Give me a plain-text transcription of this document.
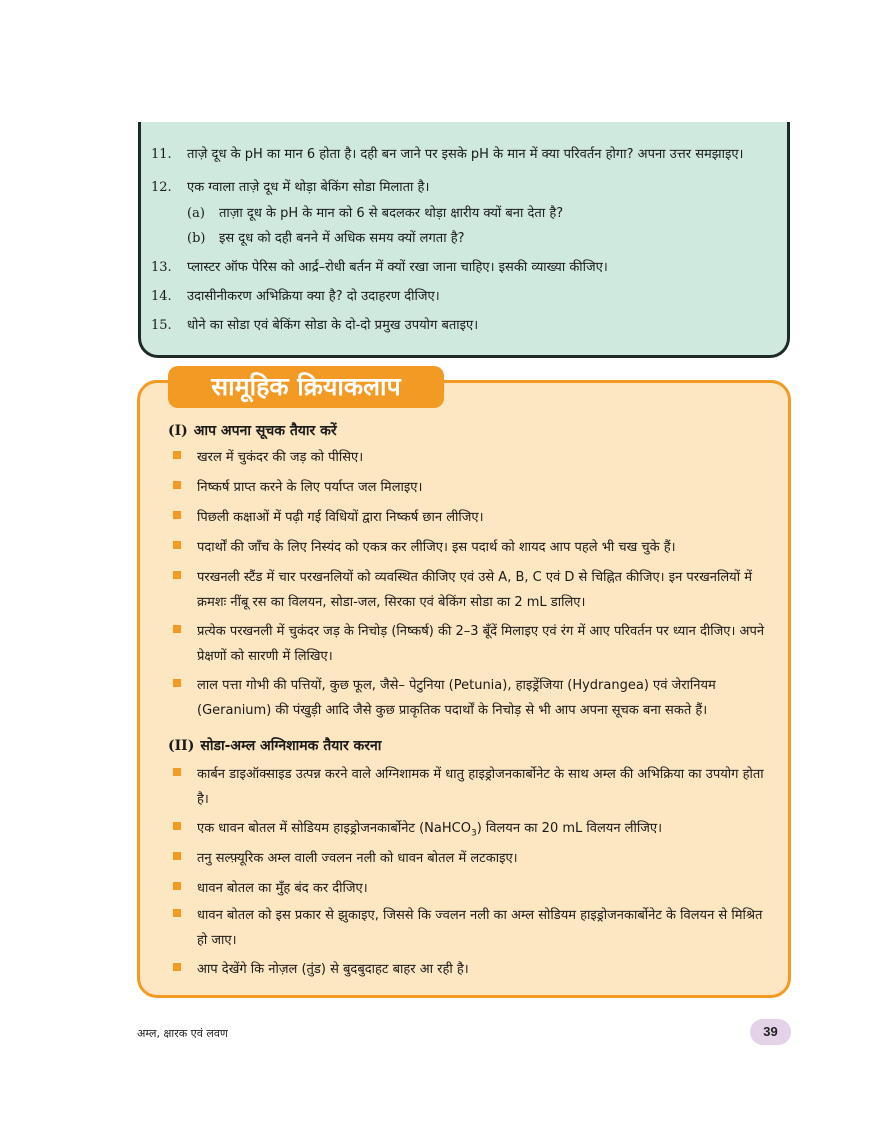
11. ताज़े दूध के pH का मान 6 होता है। दही बन जाने पर इसके pH के मान में क्या परिवर्तन होगा? अपना उत्तर समझाइए।
12. एक ग्वाला ताज़े दूध में थोड़ा बेकिंग सोडा मिलाता है।
(a) ताज़ा दूध के pH के मान को 6 से बदलकर थोड़ा क्षारीय क्यों बना देता है?
(b) इस दूध को दही बनने में अधिक समय क्यों लगता है?
13. प्लास्टर ऑफ पेरिस को आर्द्र–रोधी बर्तन में क्यों रखा जाना चाहिए। इसकी व्याख्या कीजिए।
14. उदासीनीकरण अभिक्रिया क्या है? दो उदाहरण दीजिए।
15. धोने का सोडा एवं बेकिंग सोडा के दो-दो प्रमुख उपयोग बताइए।
सामूहिक क्रियाकलाप
(I) आप अपना सूचक तैयार करें
खरल में चुकंदर की जड़ को पीसिए।
निष्कर्ष प्राप्त करने के लिए पर्याप्त जल मिलाइए।
पिछली कक्षाओं में पढ़ी गई विधियों द्वारा निष्कर्ष छान लीजिए।
पदार्थों की जाँच के लिए निस्यंद को एकत्र कर लीजिए। इस पदार्थ को शायद आप पहले भी चख चुके हैं।
परखनली स्टैंड में चार परखनलियों को व्यवस्थित कीजिए एवं उसे A, B, C एवं D से चिह्नित कीजिए। इन परखनलियों में क्रमशः नींबू रस का विलयन, सोडा-जल, सिरका एवं बेकिंग सोडा का 2 mL डालिए।
प्रत्येक परखनली में चुकंदर जड़ के निचोड़ (निष्कर्ष) की 2–3 बूँदें मिलाइए एवं रंग में आए परिवर्तन पर ध्यान दीजिए। अपने प्रेक्षणों को सारणी में लिखिए।
लाल पत्ता गोभी की पत्तियों, कुछ फूल, जैसे– पेटुनिया (Petunia), हाइड्रेंजिया (Hydrangea) एवं जेरानियम (Geranium) की पंखुड़ी आदि जैसे कुछ प्राकृतिक पदार्थों के निचोड़ से भी आप अपना सूचक बना सकते हैं।
(II) सोडा-अम्ल अग्निशामक तैयार करना
कार्बन डाइऑक्साइड उत्पन्न करने वाले अग्निशामक में धातु हाइड्रोजनकार्बोनेट के साथ अम्ल की अभिक्रिया का उपयोग होता है।
एक धावन बोतल में सोडियम हाइड्रोजनकार्बोनेट (NaHCO$_3$) विलयन का 20 mL विलयन लीजिए।
तनु सल्फ़्यूरिक अम्ल वाली ज्वलन नली को धावन बोतल में लटकाइए।
धावन बोतल का मुँह बंद कर दीजिए।
धावन बोतल को इस प्रकार से झुकाइए, जिससे कि ज्वलन नली का अम्ल सोडियम हाइड्रोजनकार्बोनेट के विलयन से मिश्रित हो जाए।
आप देखेंगे कि नोज़ल (तुंड) से बुदबुदाहट बाहर आ रही है।
अम्ल, क्षारक एवं लवण	39
